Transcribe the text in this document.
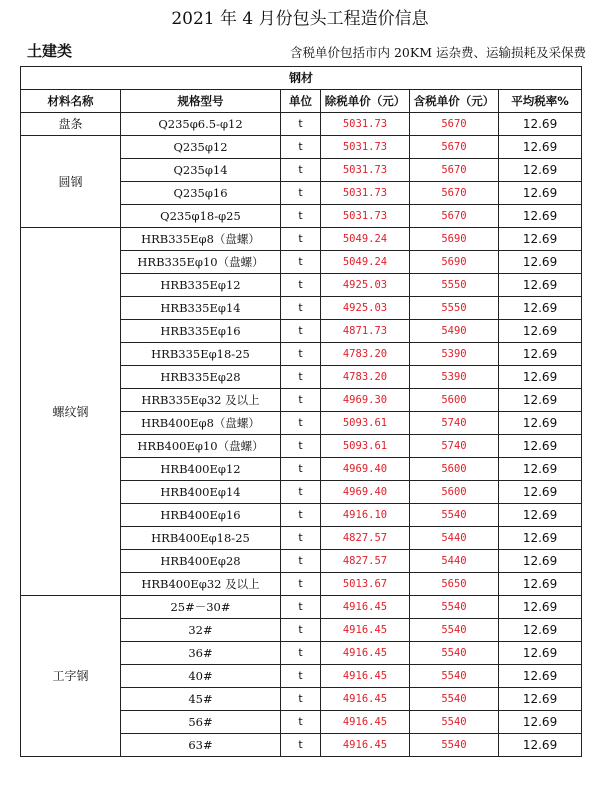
2021 年 4 月份包头工程造价信息
土建类	含税单价包括市内 20KM 运杂费、运输损耗及采保费
钢材					
材料名称	规格型号	单位	除税单价（元）	含税单价（元）	平均税率%
盘条	Q235φ6.5-φ12	t	5031.73	5670	12.69
圆钢	Q235φ12	t	5031.73	5670	12.69
	Q235φ14	t	5031.73	5670	12.69
	Q235φ16	t	5031.73	5670	12.69
	Q235φ18-φ25	t	5031.73	5670	12.69
螺纹钢	HRB335Eφ8（盘螺）	t	5049.24	5690	12.69
	HRB335Eφ10（盘螺）	t	5049.24	5690	12.69
	HRB335Eφ12	t	4925.03	5550	12.69
	HRB335Eφ14	t	4925.03	5550	12.69
	HRB335Eφ16	t	4871.73	5490	12.69
	HRB335Eφ18-25	t	4783.20	5390	12.69
	HRB335Eφ28	t	4783.20	5390	12.69
	HRB335Eφ32 及以上	t	4969.30	5600	12.69
	HRB400Eφ8（盘螺）	t	5093.61	5740	12.69
	HRB400Eφ10（盘螺）	t	5093.61	5740	12.69
	HRB400Eφ12	t	4969.40	5600	12.69
	HRB400Eφ14	t	4969.40	5600	12.69
	HRB400Eφ16	t	4916.10	5540	12.69
	HRB400Eφ18-25	t	4827.57	5440	12.69
	HRB400Eφ28	t	4827.57	5440	12.69
	HRB400Eφ32 及以上	t	5013.67	5650	12.69
工字钢	25#－30#	t	4916.45	5540	12.69
	32#	t	4916.45	5540	12.69
	36#	t	4916.45	5540	12.69
	40#	t	4916.45	5540	12.69
	45#	t	4916.45	5540	12.69
	56#	t	4916.45	5540	12.69
	63#	t	4916.45	5540	12.69
